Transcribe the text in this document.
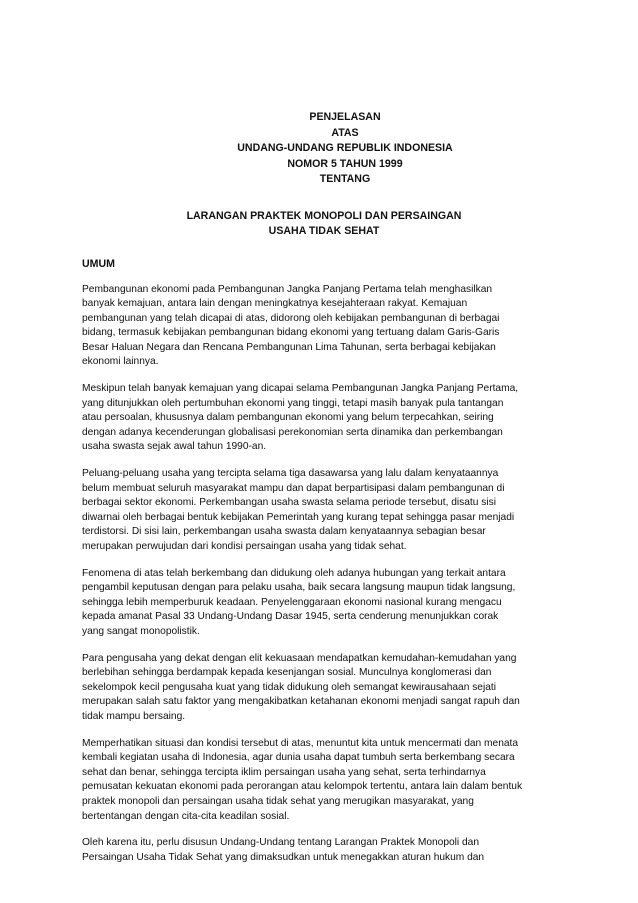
PENJELASAN
ATAS
UNDANG-UNDANG REPUBLIK INDONESIA
NOMOR 5 TAHUN 1999
TENTANG
LARANGAN PRAKTEK MONOPOLI DAN PERSAINGAN
USAHA TIDAK SEHAT
UMUM

Pembangunan ekonomi pada Pembangunan Jangka Panjang Pertama telah menghasilkan
banyak kemajuan, antara lain dengan meningkatnya kesejahteraan rakyat. Kemajuan
pembangunan yang telah dicapai di atas, didorong oleh kebijakan pembangunan di berbagai
bidang, termasuk kebijakan pembangunan bidang ekonomi yang tertuang dalam Garis-Garis
Besar Haluan Negara dan Rencana Pembangunan Lima Tahunan, serta berbagai kebijakan
ekonomi lainnya.

Meskipun telah banyak kemajuan yang dicapai selama Pembangunan Jangka Panjang Pertama,
yang ditunjukkan oleh pertumbuhan ekonomi yang tinggi, tetapi masih banyak pula tantangan
atau persoalan, khususnya dalam pembangunan ekonomi yang belum terpecahkan, seiring
dengan adanya kecenderungan globalisasi perekonomian serta dinamika dan perkembangan
usaha swasta sejak awal tahun 1990-an.

Peluang-peluang usaha yang tercipta selama tiga dasawarsa yang lalu dalam kenyataannya
belum membuat seluruh masyarakat mampu dan dapat berpartisipasi dalam pembangunan di
berbagai sektor ekonomi. Perkembangan usaha swasta selama periode tersebut, disatu sisi
diwarnai oleh berbagai bentuk kebijakan Pemerintah yang kurang tepat sehingga pasar menjadi
terdistorsi. Di sisi lain, perkembangan usaha swasta dalam kenyataannya sebagian besar
merupakan perwujudan dari kondisi persaingan usaha yang tidak sehat.

Fenomena di atas telah berkembang dan didukung oleh adanya hubungan yang terkait antara
pengambil keputusan dengan para pelaku usaha, baik secara langsung maupun tidak langsung,
sehingga lebih memperburuk keadaan. Penyelenggaraan ekonomi nasional kurang mengacu
kepada amanat Pasal 33 Undang-Undang Dasar 1945, serta cenderung menunjukkan corak
yang sangat monopolistik.

Para pengusaha yang dekat dengan elit kekuasaan mendapatkan kemudahan-kemudahan yang
berlebihan sehingga berdampak kepada kesenjangan sosial. Munculnya konglomerasi dan
sekelompok kecil pengusaha kuat yang tidak didukung oleh semangat kewirausahaan sejati
merupakan salah satu faktor yang mengakibatkan ketahanan ekonomi menjadi sangat rapuh dan
tidak mampu bersaing.

Memperhatikan situasi dan kondisi tersebut di atas, menuntut kita untuk mencermati dan menata
kembali kegiatan usaha di Indonesia, agar dunia usaha dapat tumbuh serta berkembang secara
sehat dan benar, sehingga tercipta iklim persaingan usaha yang sehat, serta terhindarnya
pemusatan kekuatan ekonomi pada perorangan atau kelompok tertentu, antara lain dalam bentuk
praktek monopoli dan persaingan usaha tidak sehat yang merugikan masyarakat, yang
bertentangan dengan cita-cita keadilan sosial.

Oleh karena itu, perlu disusun Undang-Undang tentang Larangan Praktek Monopoli dan
Persaingan Usaha Tidak Sehat yang dimaksudkan untuk menegakkan aturan hukum dan
